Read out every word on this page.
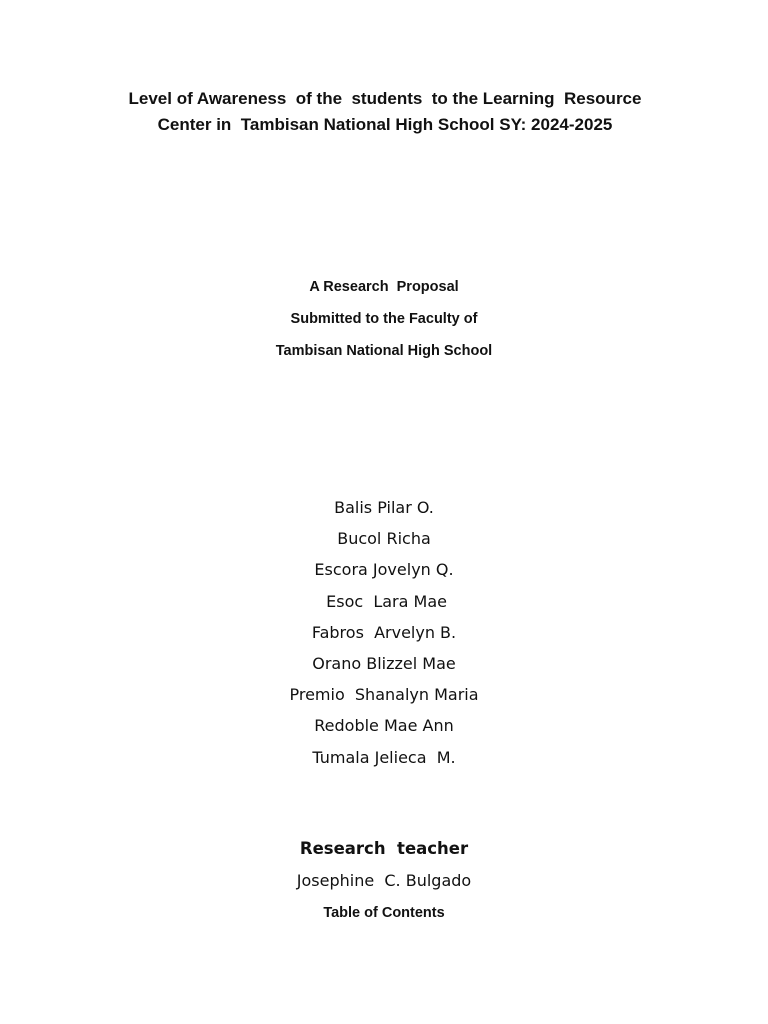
Level of Awareness  of the  students  to the Learning  Resource
Center in  Tambisan National High School SY: 2024-2025
A Research  Proposal
Submitted to the Faculty of
Tambisan National High School
Balis Pilar O.
Bucol Richa
Escora Jovelyn Q.
Esoc  Lara Mae
Fabros  Arvelyn B.
Orano Blizzel Mae
Premio  Shanalyn Maria
Redoble Mae Ann
Tumala Jelieca  M.
Research  teacher
Josephine  C. Bulgado
Table of Contents
